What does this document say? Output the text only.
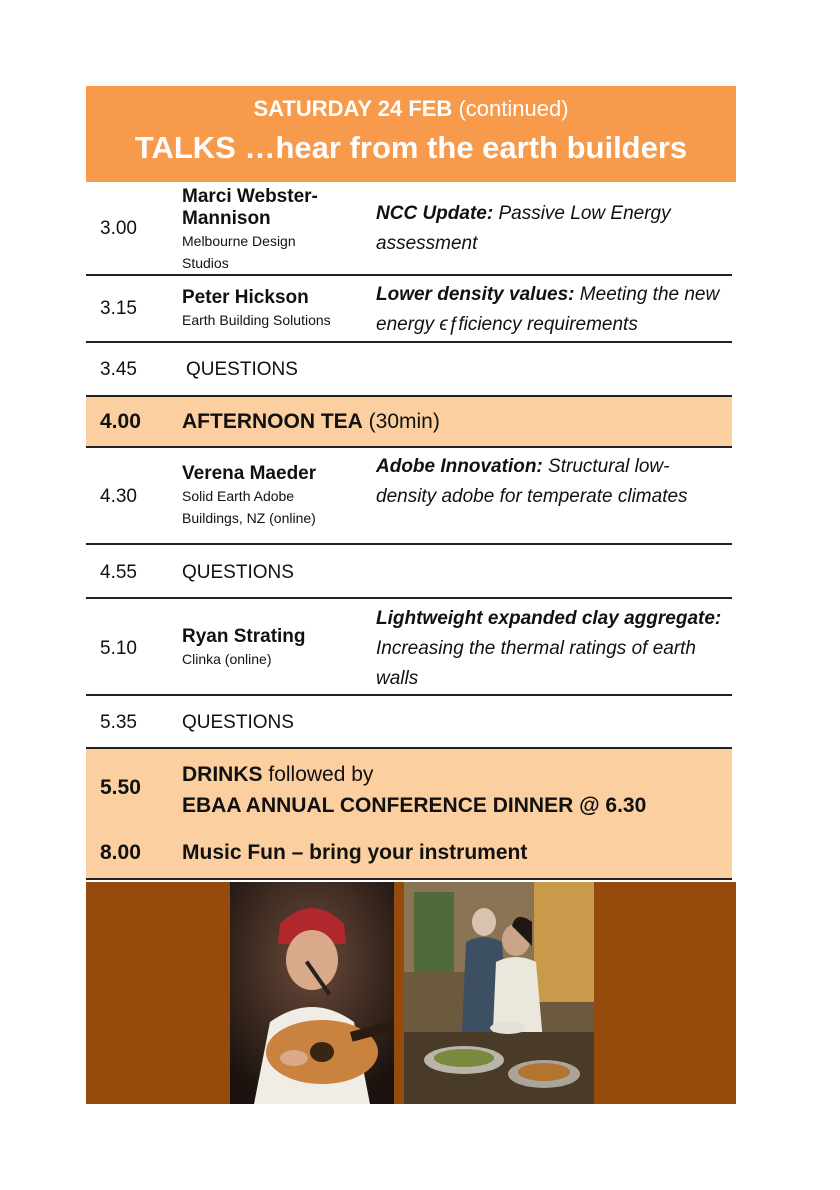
SATURDAY 24 FEB (continued)
TALKS …hear from the earth builders
3.00
Marci Webster-
Mannison
Melbourne Design
Studios
NCC Update: Passive Low Energy assessment
3.15
Peter Hickson
Earth Building Solutions
Lower density values: Meeting the new energy ϵƒficiency requirements
3.45	QUESTIONS
4.00 AFTERNOON TEA (30min)
4.30
Verena Maeder
Solid Earth Adobe
Buildings, NZ (online)
Adobe Innovation: Structural low-density adobe for temperate climates
4.55 QUESTIONS
5.10
Ryan Strating
Clinka (online)
Lightweight expanded clay aggregate: Increasing the thermal ratings of earth walls
5.35 QUESTIONS
5.50
DRINKS followed by
EBAA ANNUAL CONFERENCE DINNER @ 6.30
8.00 Music Fun – bring your instrument
